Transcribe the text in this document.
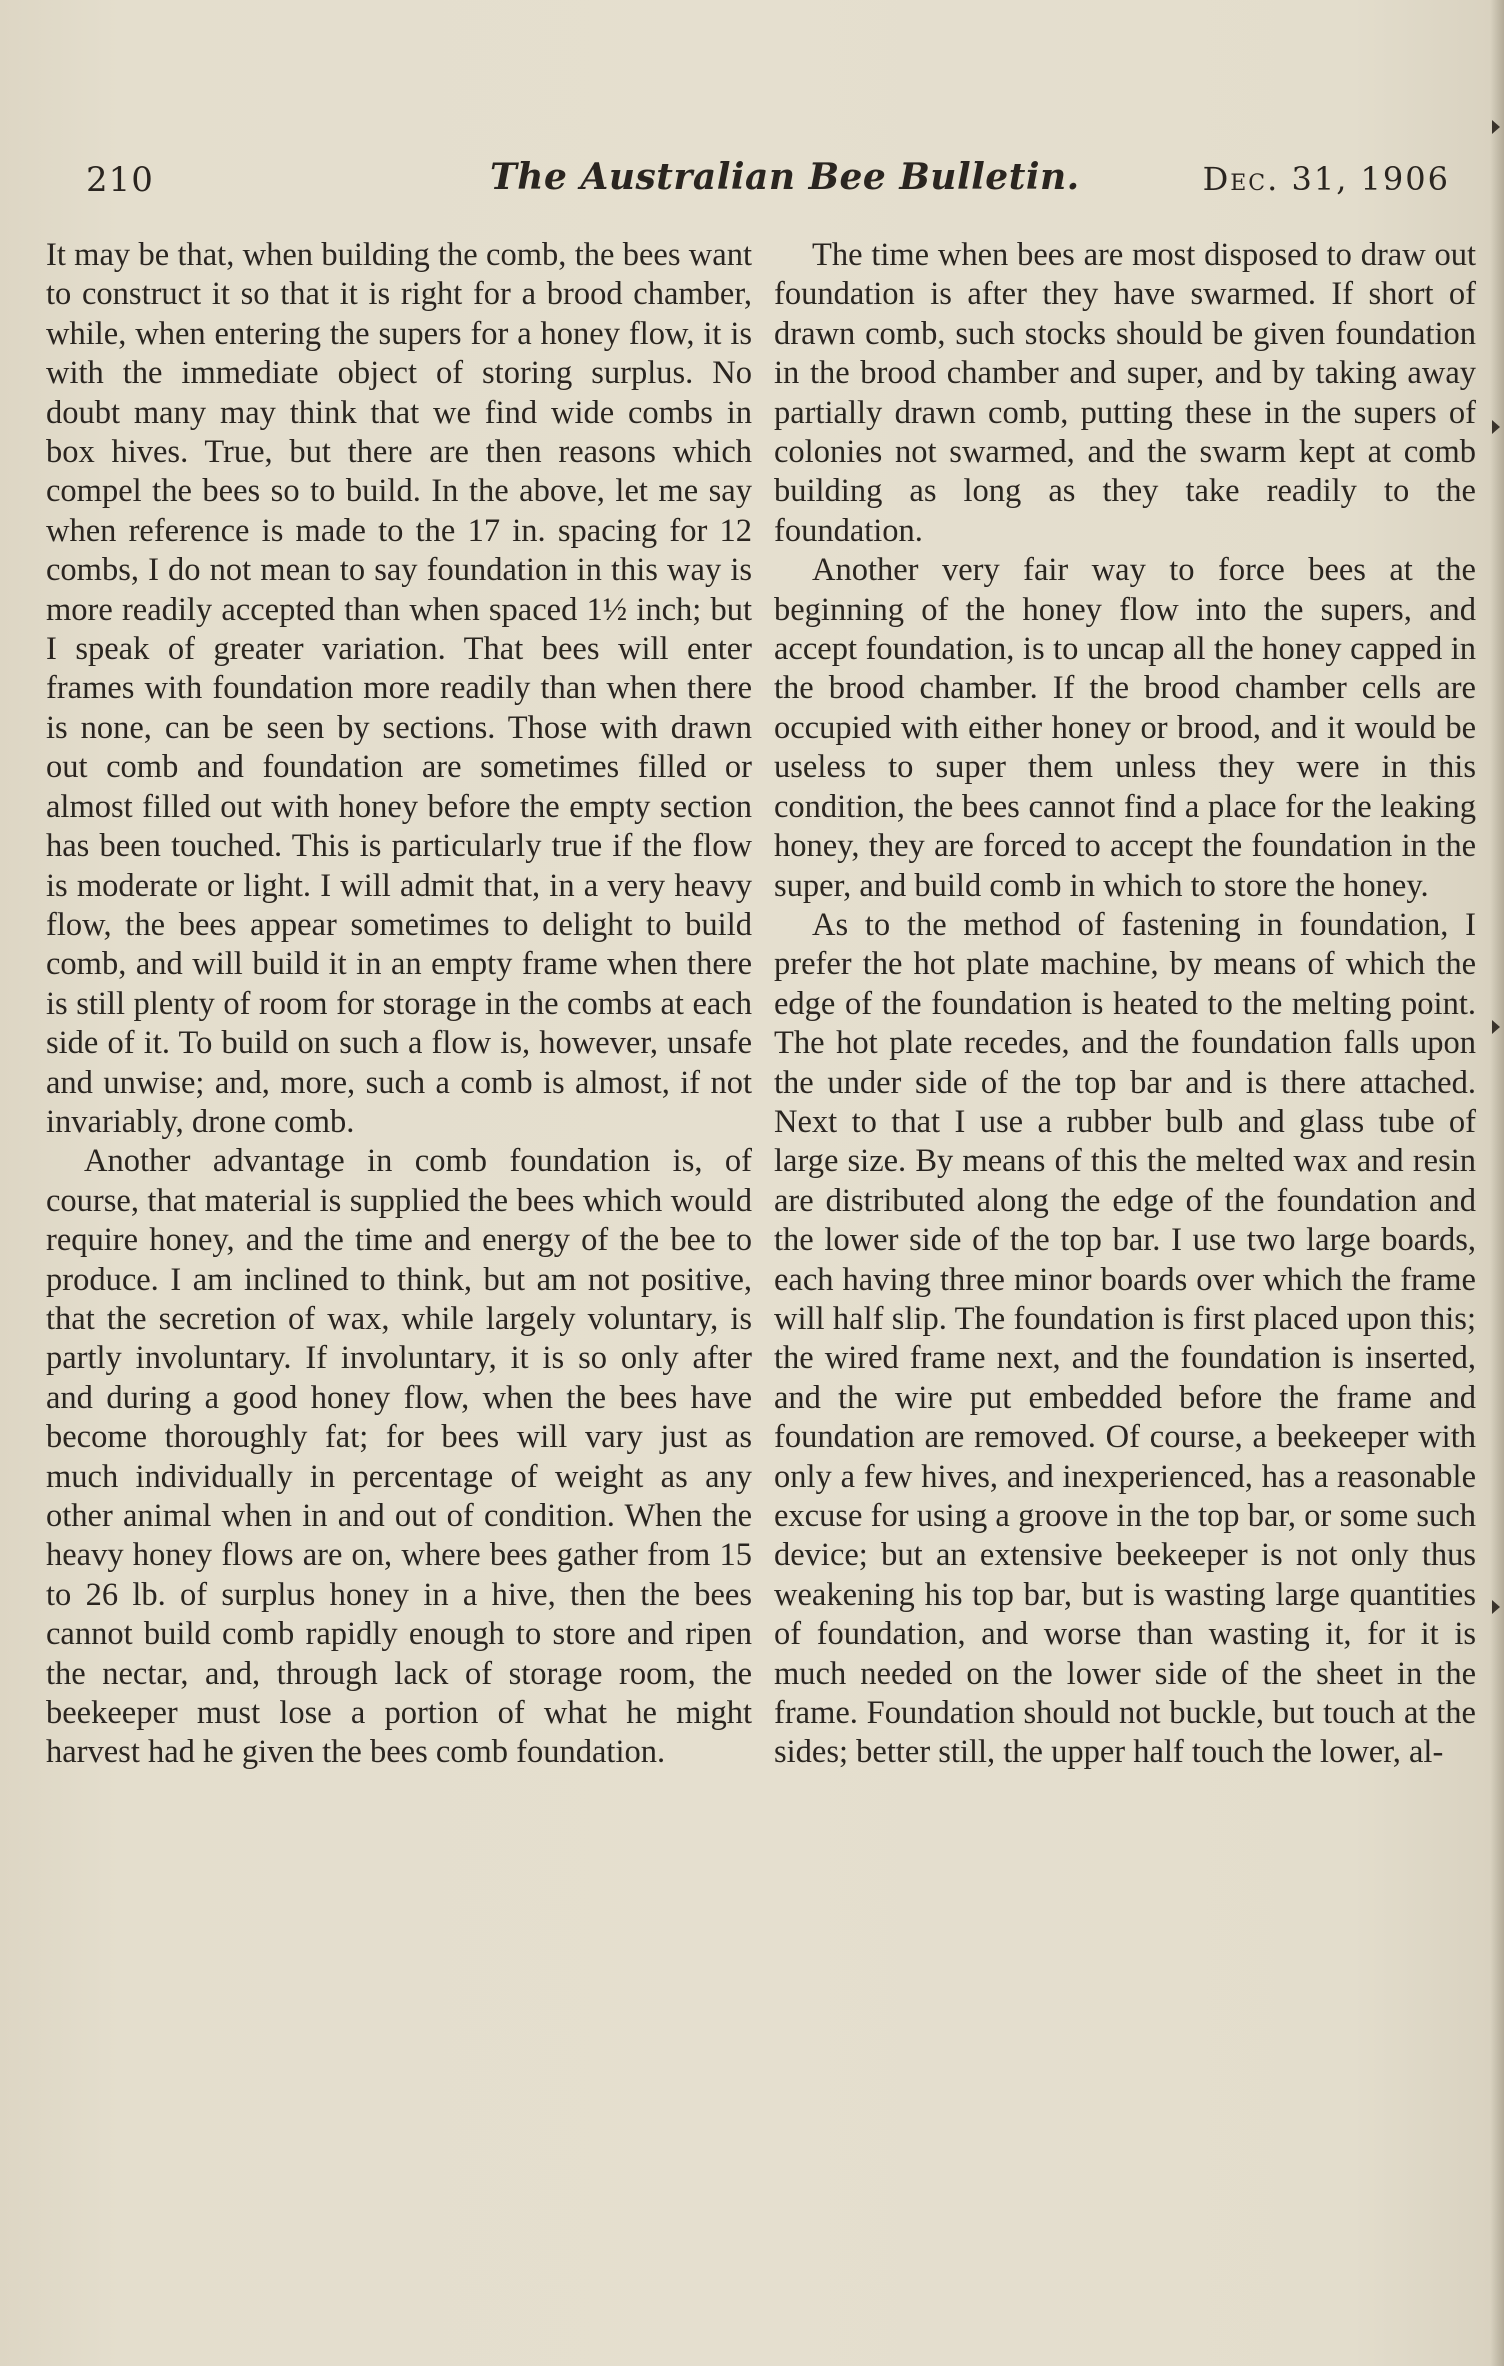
210	The Australian Bee Bulletin.	Dec. 31, 1906

It may be that, when building the comb, the bees want to construct it so that it is right for a brood chamber, while, when entering the supers for a honey flow, it is with the immediate object of storing surplus. No doubt many may think that we find wide combs in box hives. True, but there are then reasons which compel the bees so to build. In the above, let me say when reference is made to the 17 in. spacing for 12 combs, I do not mean to say foundation in this way is more readily accepted than when spaced 1½ inch; but I speak of greater variation. That bees will enter frames with foundation more readily than when there is none, can be seen by sections. Those with drawn out comb and foundation are sometimes filled or almost filled out with honey before the empty section has been touched. This is particularly true if the flow is moderate or light. I will admit that, in a very heavy flow, the bees appear sometimes to delight to build comb, and will build it in an empty frame when there is still plenty of room for storage in the combs at each side of it. To build on such a flow is, however, unsafe and unwise; and, more, such a comb is almost, if not invariably, drone comb.

Another advantage in comb foundation is, of course, that material is supplied the bees which would require honey, and the time and energy of the bee to produce. I am inclined to think, but am not positive, that the secretion of wax, while largely voluntary, is partly involuntary. If involuntary, it is so only after and during a good honey flow, when the bees have become thoroughly fat; for bees will vary just as much individually in percentage of weight as any other animal when in and out of condition. When the heavy honey flows are on, where bees gather from 15 to 26 lb. of surplus honey in a hive, then the bees cannot build comb rapidly enough to store and ripen the nectar, and, through lack of storage room, the beekeeper must lose a portion of what he might harvest had he given the bees comb foundation.

The time when bees are most disposed to draw out foundation is after they have swarmed. If short of drawn comb, such stocks should be given foundation in the brood chamber and super, and by taking away partially drawn comb, putting these in the supers of colonies not swarmed, and the swarm kept at comb building as long as they take readily to the foundation.

Another very fair way to force bees at the beginning of the honey flow into the supers, and accept foundation, is to uncap all the honey capped in the brood chamber. If the brood chamber cells are occupied with either honey or brood, and it would be useless to super them unless they were in this condition, the bees cannot find a place for the leaking honey, they are forced to accept the foundation in the super, and build comb in which to store the honey.

As to the method of fastening in foundation, I prefer the hot plate machine, by means of which the edge of the foundation is heated to the melting point. The hot plate recedes, and the foundation falls upon the under side of the top bar and is there attached. Next to that I use a rubber bulb and glass tube of large size. By means of this the melted wax and resin are distributed along the edge of the foundation and the lower side of the top bar. I use two large boards, each having three minor boards over which the frame will half slip. The foundation is first placed upon this; the wired frame next, and the foundation is inserted, and the wire put embedded before the frame and foundation are removed. Of course, a beekeeper with only a few hives, and inexperienced, has a reasonable excuse for using a groove in the top bar, or some such device; but an extensive beekeeper is not only thus weakening his top bar, but is wasting large quantities of foundation, and worse than wasting it, for it is much needed on the lower side of the sheet in the frame. Foundation should not buckle, but touch at the sides; better still, the upper half touch the lower, al-
